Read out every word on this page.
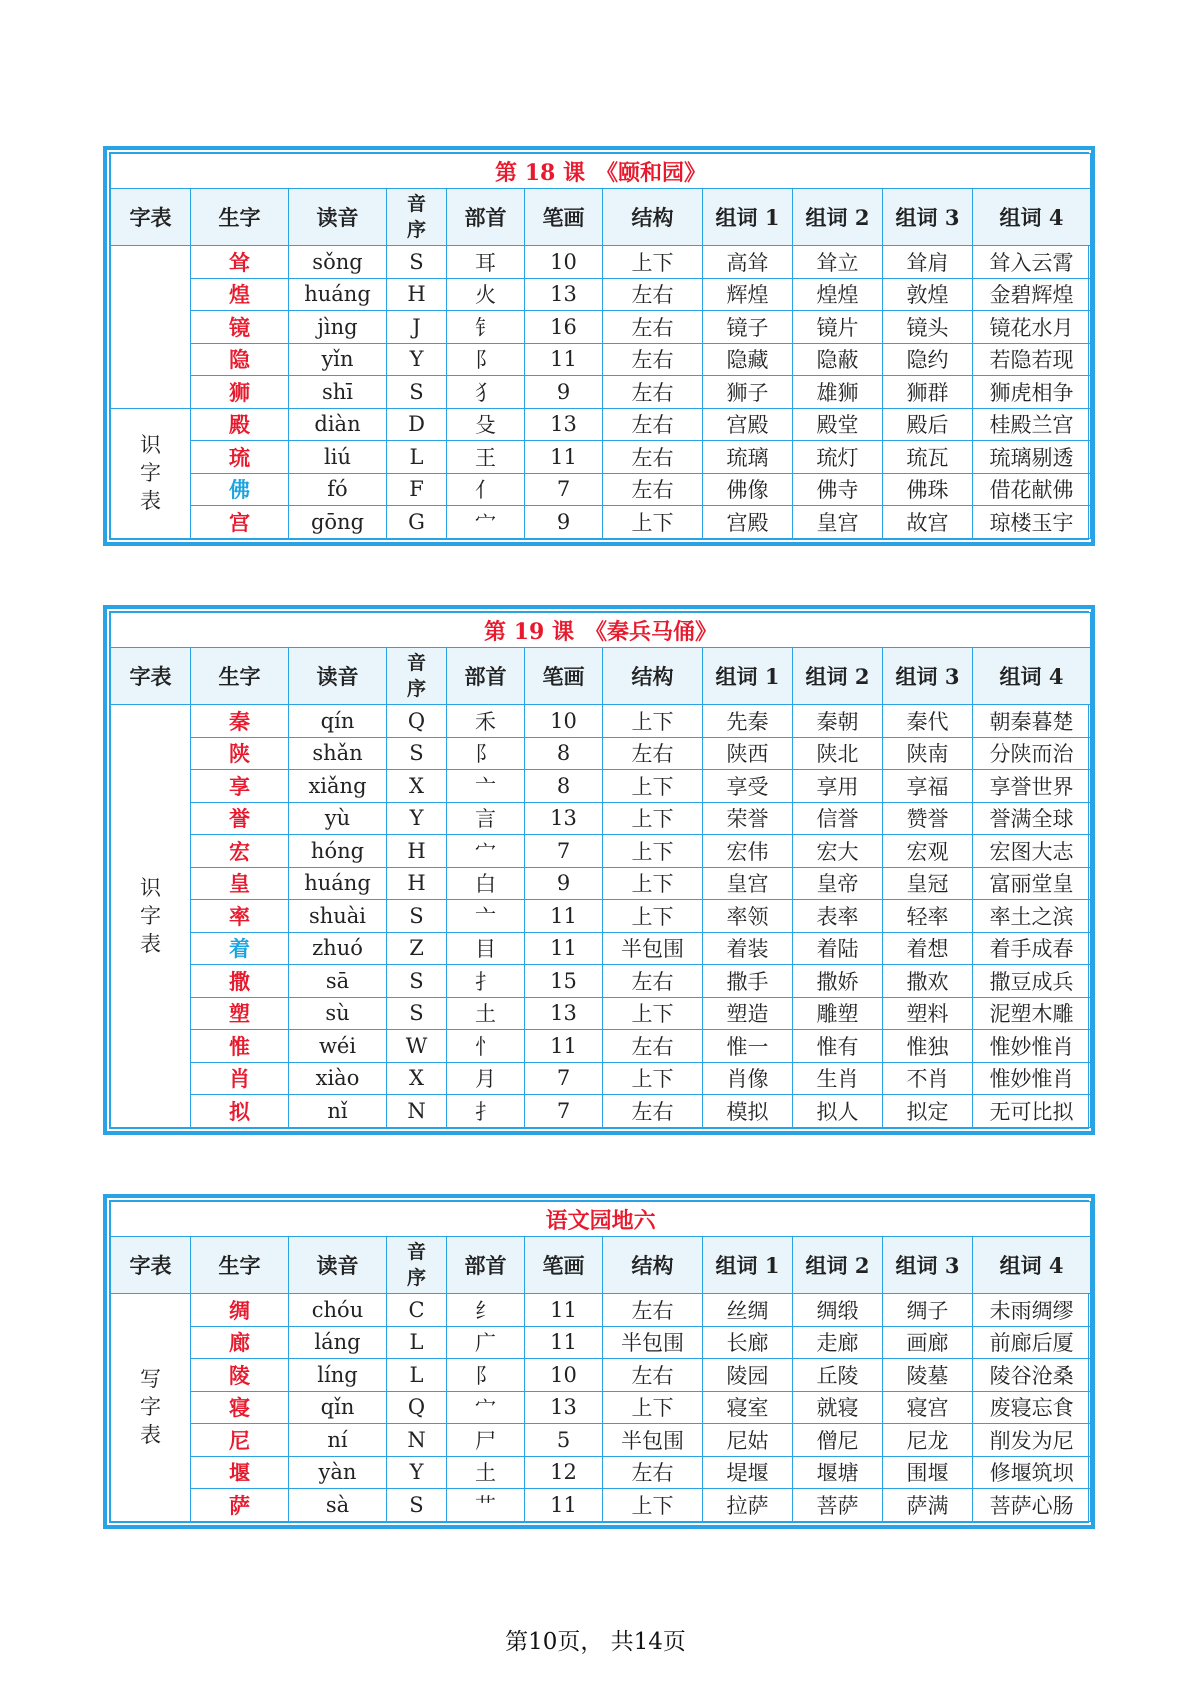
第 18 课　《颐和园》										
字表	生字	读音	音序	部首	笔画	结构	组词 1	组词 2	组词 3	组词 4

	耸	sǒng	S	耳	10	上下	高耸	耸立	耸肩	耸入云霄
	煌	huáng	H	火	13	左右	辉煌	煌煌	敦煌	金碧辉煌
	镜	jìng	J	钅	16	左右	镜子	镜片	镜头	镜花水月
	隐	yǐn	Y	阝	11	左右	隐藏	隐蔽	隐约	若隐若现
	狮	shī	S	犭	9	左右	狮子	雄狮	狮群	狮虎相争

识字表	殿	diàn	D	殳	13	左右	宫殿	殿堂	殿后	桂殿兰宫
	琉	liú	L	王	11	左右	琉璃	琉灯	琉瓦	琉璃剔透
	佛	fó	F	亻	7	左右	佛像	佛寺	佛珠	借花献佛
	宫	gōng	G	宀	9	上下	宫殿	皇宫	故宫	琼楼玉宇
第 19 课　《秦兵马俑》										
字表	生字	读音	音序	部首	笔画	结构	组词 1	组词 2	组词 3	组词 4

识字表	秦	qín	Q	禾	10	上下	先秦	秦朝	秦代	朝秦暮楚
	陕	shǎn	S	阝	8	左右	陕西	陕北	陕南	分陕而治
	享	xiǎng	X	亠	8	上下	享受	享用	享福	享誉世界
	誉	yù	Y	言	13	上下	荣誉	信誉	赞誉	誉满全球
	宏	hóng	H	宀	7	上下	宏伟	宏大	宏观	宏图大志
	皇	huáng	H	白	9	上下	皇宫	皇帝	皇冠	富丽堂皇
	率	shuài	S	亠	11	上下	率领	表率	轻率	率土之滨
	着	zhuó	Z	目	11	半包围	着装	着陆	着想	着手成春
	撒	sā	S	扌	15	左右	撒手	撒娇	撒欢	撒豆成兵
	塑	sù	S	土	13	上下	塑造	雕塑	塑料	泥塑木雕
	惟	wéi	W	忄	11	左右	惟一	惟有	惟独	惟妙惟肖
	肖	xiào	X	月	7	上下	肖像	生肖	不肖	惟妙惟肖
	拟	nǐ	N	扌	7	左右	模拟	拟人	拟定	无可比拟
语文园地六										
字表	生字	读音	音序	部首	笔画	结构	组词 1	组词 2	组词 3	组词 4

写字表	绸	chóu	C	纟	11	左右	丝绸	绸缎	绸子	未雨绸缪
	廊	láng	L	广	11	半包围	长廊	走廊	画廊	前廊后厦
	陵	líng	L	阝	10	左右	陵园	丘陵	陵墓	陵谷沧桑
	寝	qǐn	Q	宀	13	上下	寝室	就寝	寝宫	废寝忘食
	尼	ní	N	尸	5	半包围	尼姑	僧尼	尼龙	削发为尼
	堰	yàn	Y	土	12	左右	堤堰	堰塘	围堰	修堰筑坝
	萨	sà	S	艹	11	上下	拉萨	菩萨	萨满	菩萨心肠
第10页， 共14页
